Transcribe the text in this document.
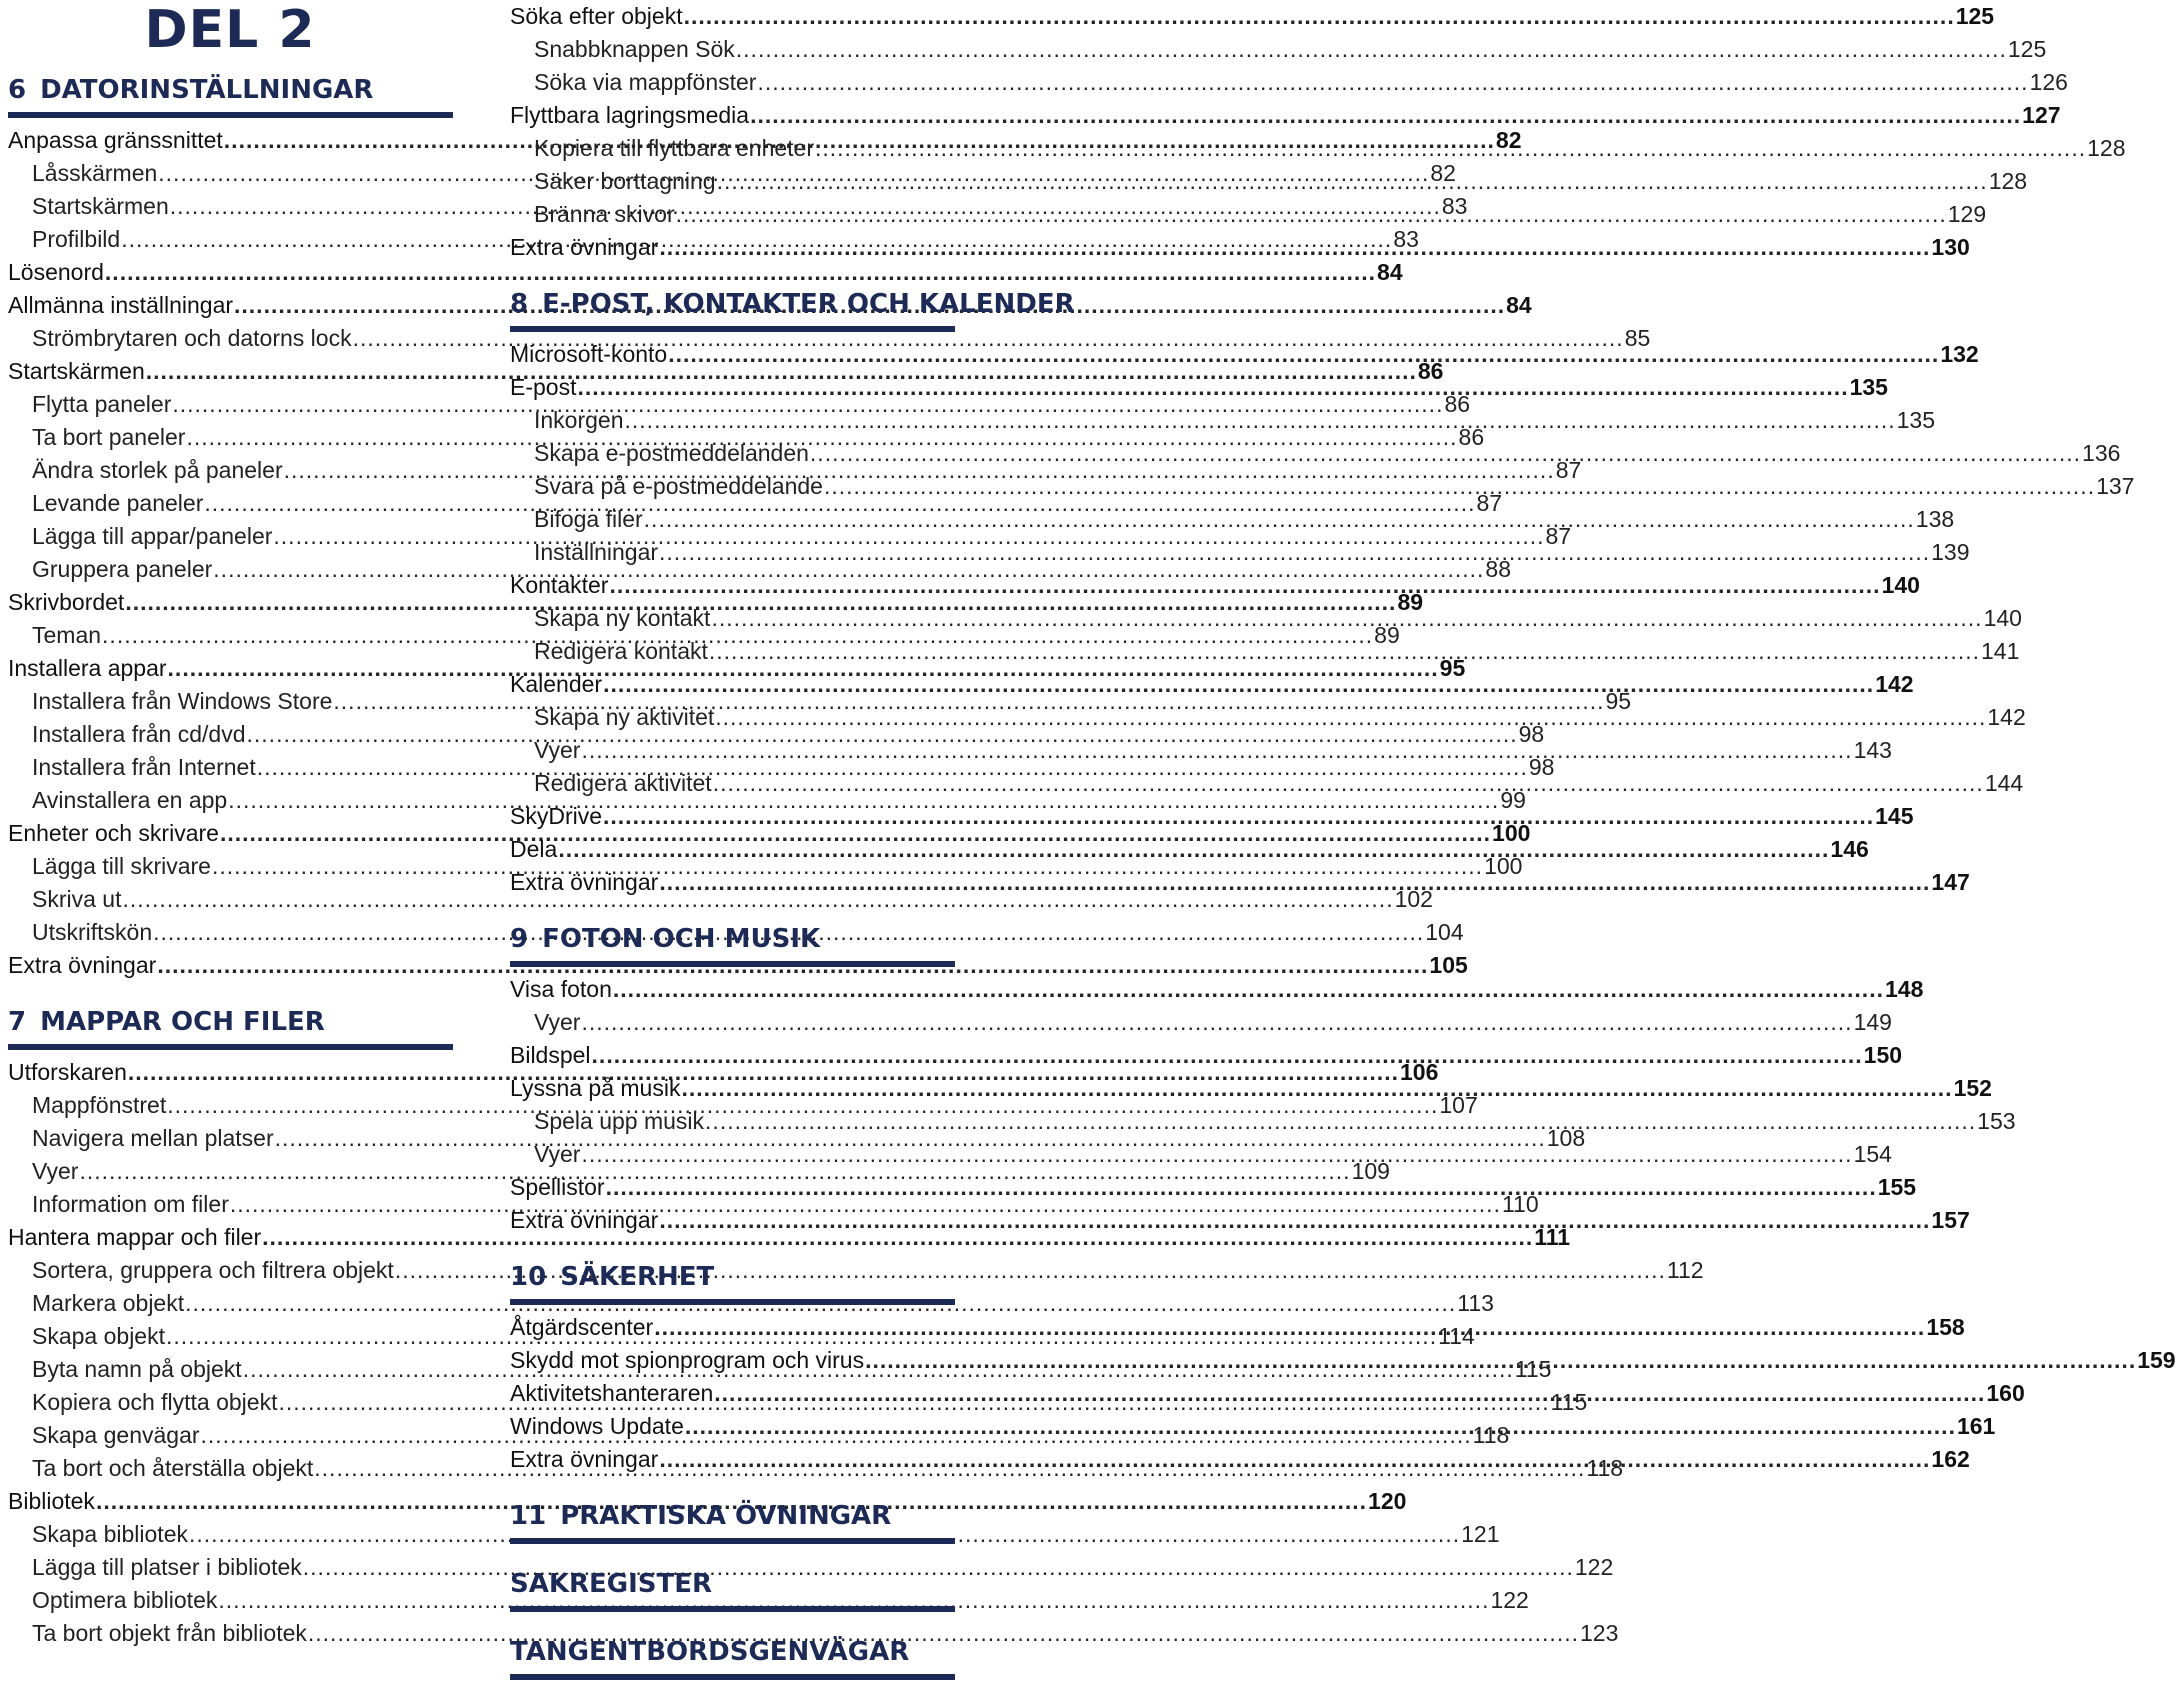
DEL 2
6 DATORINSTÄLLNINGAR
Anpassa gränssnittet .....	82
Låsskärmen .....	82
Startskärmen .....	83
Profilbild .....	83
Lösenord .....	84
Allmänna inställningar .....	84
Strömbrytaren och datorns lock .....	85
Startskärmen .....	86
Flytta paneler .....	86
Ta bort paneler .....	86
Ändra storlek på paneler .....	87
Levande paneler .....	87
Lägga till appar/paneler .....	87
Gruppera paneler .....	88
Skrivbordet .....	89
Teman .....	89
Installera appar .....	95
Installera från Windows Store .....	95
Installera från cd/dvd .....	98
Installera från Internet .....	98
Avinstallera en app .....	99
Enheter och skrivare .....	100
Lägga till skrivare .....	100
Skriva ut .....	102
Utskriftskön .....	104
Extra övningar .....	105
7 MAPPAR OCH FILER
Utforskaren .....	106
Mappfönstret .....	107
Navigera mellan platser .....	108
Vyer .....	109
Information om filer .....	110
Hantera mappar och filer .....	111
Sortera, gruppera och filtrera objekt .....	112
Markera objekt .....	113
Skapa objekt .....	114
Byta namn på objekt .....	115
Kopiera och flytta objekt .....	115
Skapa genvägar .....	118
Ta bort och återställa objekt .....	118
Bibliotek .....	120
Skapa bibliotek .....	121
Lägga till platser i bibliotek .....	122
Optimera bibliotek .....	122
Ta bort objekt från bibliotek .....	123
Söka efter objekt .....	125
Snabbknappen Sök .....	125
Söka via mappfönster .....	126
Flyttbara lagringsmedia .....	127
Kopiera till flyttbara enheter .....	128
Säker borttagning .....	128
Bränna skivor .....	129
Extra övningar .....	130
8 E-POST, KONTAKTER OCH KALENDER
Microsoft-konto .....	132
E-post .....	135
Inkorgen .....	135
Skapa e-postmeddelanden .....	136
Svara på e-postmeddelande .....	137
Bifoga filer .....	138
Inställningar .....	139
Kontakter .....	140
Skapa ny kontakt .....	140
Redigera kontakt .....	141
Kalender .....	142
Skapa ny aktivitet .....	142
Vyer .....	143
Redigera aktivitet .....	144
SkyDrive .....	145
Dela .....	146
Extra övningar .....	147
9 FOTON OCH MUSIK
Visa foton .....	148
Vyer .....	149
Bildspel .....	150
Lyssna på musik .....	152
Spela upp musik .....	153
Vyer .....	154
Spellistor .....	155
Extra övningar .....	157
10 SÄKERHET
Åtgärdscenter .....	158
Skydd mot spionprogram och virus .....	159
Aktivitetshanteraren .....	160
Windows Update .....	161
Extra övningar .....	162
11 PRAKTISKA ÖVNINGAR
SAKREGISTER
TANGENTBORDSGENVÄGAR
